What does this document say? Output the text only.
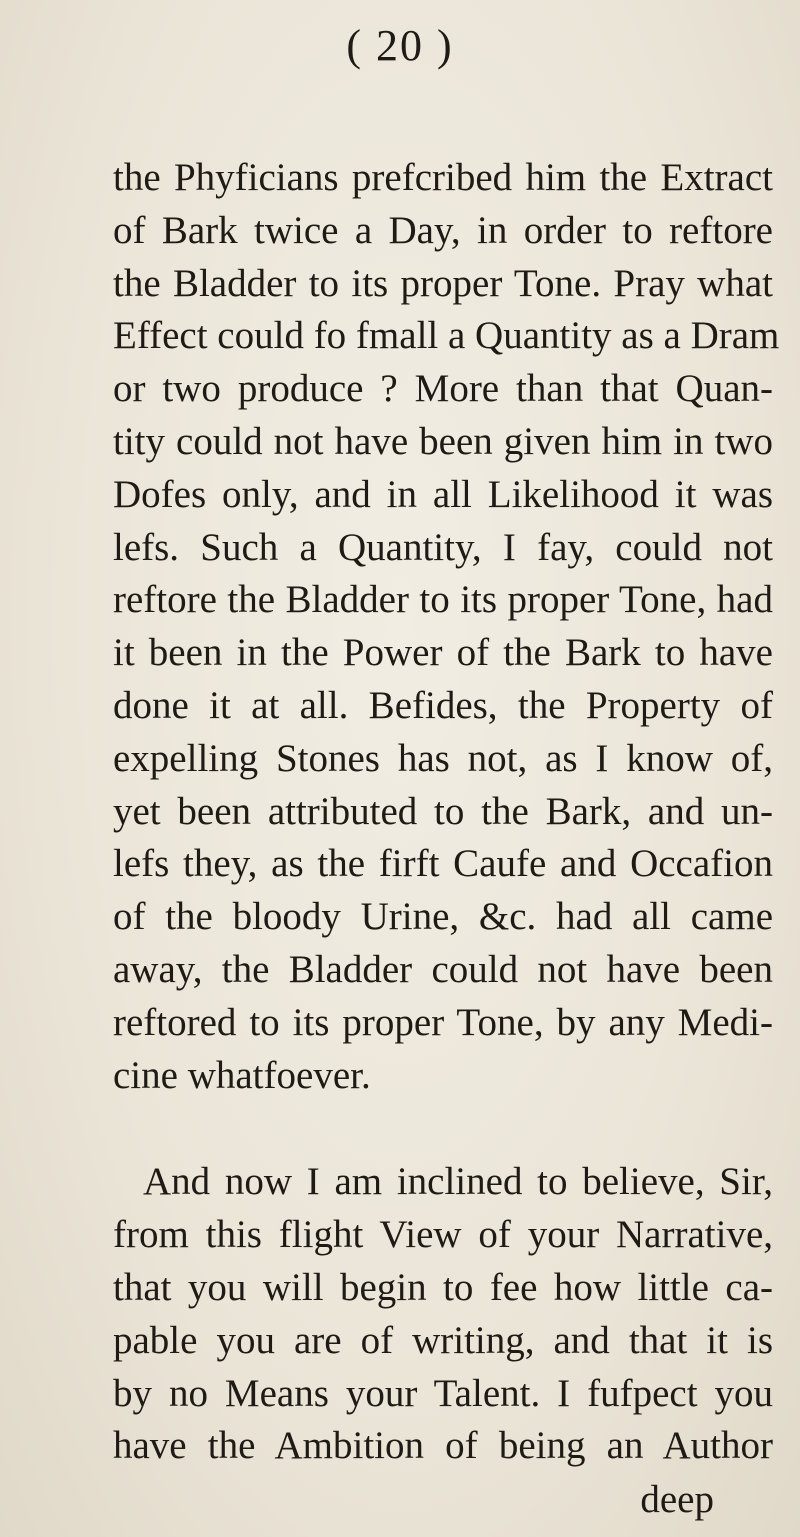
( 20 )
the Phyficians prefcribed him the Extract
of Bark twice a Day, in order to reftore
the Bladder to its proper Tone. Pray what
Effect could fo fmall a Quantity as a Dram
or two produce ? More than that Quan-
tity could not have been given him in two
Dofes only, and in all Likelihood it was
lefs. Such a Quantity, I fay, could not
reftore the Bladder to its proper Tone, had
it been in the Power of the Bark to have
done it at all. Befides, the Property of
expelling Stones has not, as I know of,
yet been attributed to the Bark, and un-
lefs they, as the firft Caufe and Occafion
of the bloody Urine, &c. had all came
away, the Bladder could not have been
reftored to its proper Tone, by any Medi-
cine whatfoever.
And now I am inclined to believe, Sir,
from this flight View of your Narrative,
that you will begin to fee how little ca-
pable you are of writing, and that it is
by no Means your Talent. I fufpect you
have the Ambition of being an Author
deep
